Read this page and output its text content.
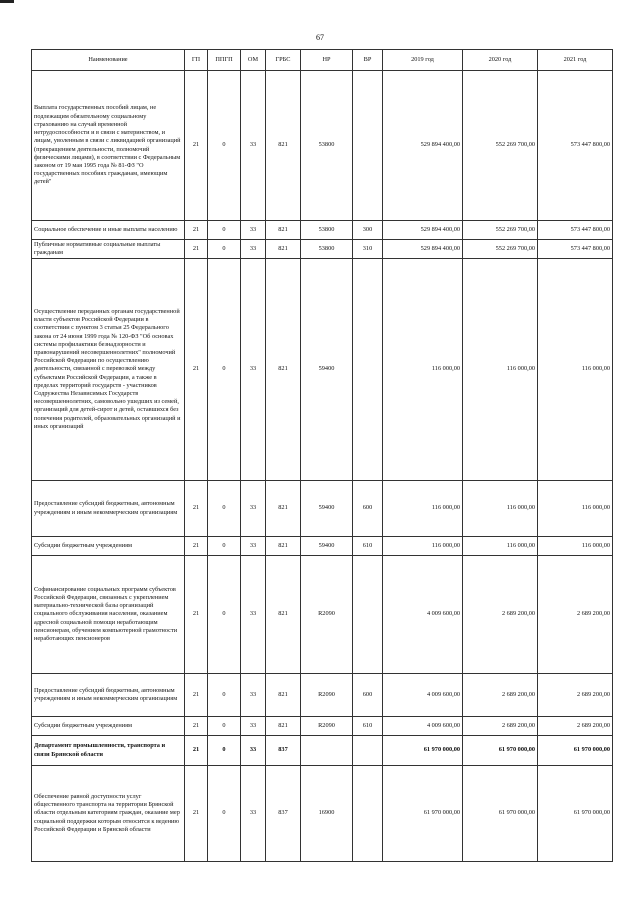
67
Наименование	ГП	ППГП	ОМ	ГРБС	НР	ВР	2019 год	2020 год	2021 год
Выплата государственных пособий лицам, не подлежащим обязательному социальному страхованию на случай временной нетрудоспособности и в связи с материнством, и лицам, уволенным в связи с ликвидацией организаций (прекращением деятельности, полномочий физическими лицами), в соответствии с Федеральным законом от 19 мая 1995 года № 81-ФЗ "О государственных пособиях гражданам, имеющим детей"	21	0	33	821	53800		529 894 400,00	552 269 700,00	573 447 800,00
Социальное обеспечение и иные выплаты населению	21	0	33	821	53800	300	529 894 400,00	552 269 700,00	573 447 800,00
Публичные нормативные социальные выплаты гражданам	21	0	33	821	53800	310	529 894 400,00	552 269 700,00	573 447 800,00
Осуществление переданных органам государственной власти субъектов Российской Федерации в соответствии с пунктом 3 статьи 25 Федерального закона от 24 июня 1999 года № 120-ФЗ "Об основах системы профилактики безнадзорности и правонарушений несовершеннолетних" полномочий Российской Федерации по осуществлению деятельности, связанной с перевозкой между субъектами Российской Федерации, а также в пределах территорий государств - участников Содружества Независимых Государств несовершеннолетних, самовольно ушедших из семей, организаций для детей-сирот и детей, оставшихся без попечения родителей, образовательных организаций и иных организаций	21	0	33	821	59400		116 000,00	116 000,00	116 000,00
Предоставление субсидий бюджетным, автономным учреждениям и иным некоммерческим организациям	21	0	33	821	59400	600	116 000,00	116 000,00	116 000,00
Субсидии бюджетным учреждениям	21	0	33	821	59400	610	116 000,00	116 000,00	116 000,00
Софинансирование социальных программ субъектов Российской Федерации, связанных с укреплением материально-технической базы организаций социального обслуживания населения, оказанием адресной социальной помощи неработающим пенсионерам, обучением компьютерной грамотности неработающих пенсионеров	21	0	33	821	R2090		4 009 600,00	2 689 200,00	2 689 200,00
Предоставление субсидий бюджетным, автономным учреждениям и иным некоммерческим организациям	21	0	33	821	R2090	600	4 009 600,00	2 689 200,00	2 689 200,00
Субсидии бюджетным учреждениям	21	0	33	821	R2090	610	4 009 600,00	2 689 200,00	2 689 200,00
Департамент промышленности, транспорта и связи Брянской области	21	0	33	837			61 970 000,00	61 970 000,00	61 970 000,00
Обеспечение равной доступности услуг общественного транспорта на территории Брянской области отдельным категориям граждан, оказание мер социальной поддержки которым относится к ведению Российской Федерации и Брянской области	21	0	33	837	16900		61 970 000,00	61 970 000,00	61 970 000,00
